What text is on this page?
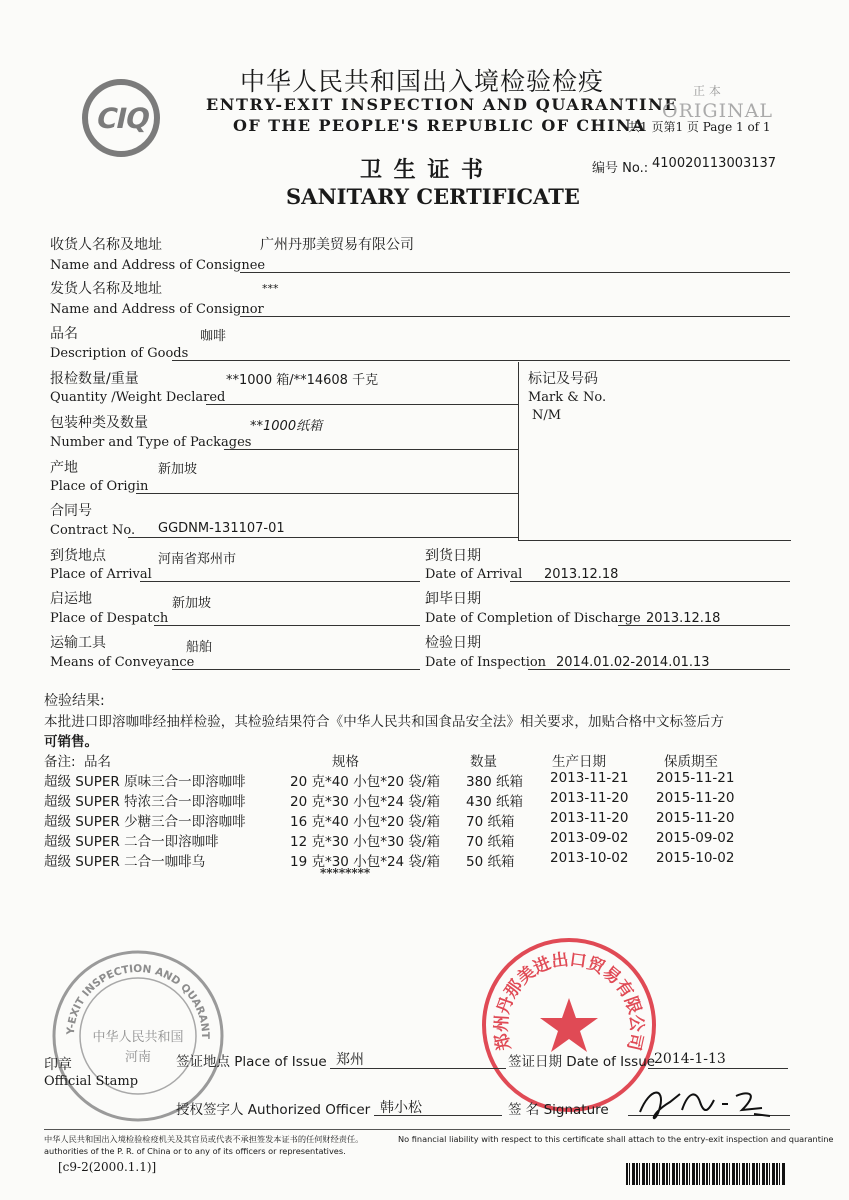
CIQ
中华人民共和国出入境检验检疫
ENTRY-EXIT INSPECTION AND QUARANTINE
OF THE PEOPLE'S REPUBLIC OF CHINA
正 本
ORIGINAL
共1 页第1 页 Page 1 of 1
卫 生 证 书
SANITARY CERTIFICATE
编号 No.: 410020113003137
收货人名称及地址	广州丹那美贸易有限公司
Name and Address of Consignee
发货人名称及地址	***
Name and Address of Consignor
品名	咖啡
Description of Goods
报检数量/重量	**1000 箱/**14608 千克
Quantity /Weight Declared
标记及号码
Mark & No.
N/M
包装种类及数量	**1000纸箱
Number and Type of Packages
产地	新加坡
Place of Origin
合同号
Contract No. GGDNM-131107-01
到货地点	河南省郑州市
Place of Arrival
到货日期
Date of Arrival 2013.12.18
启运地	新加坡
Place of Despatch
卸毕日期
Date of Completion of Discharge 2013.12.18
运输工具	船舶
Means of Conveyance
检验日期
Date of Inspection 2014.01.02-2014.01.13
检验结果:
本批进口即溶咖啡经抽样检验，其检验结果符合《中华人民共和国食品安全法》相关要求，加贴合格中文标签后方
可销售。
备注: 品名	规格	数量	生产日期	保质期至
超级 SUPER 原味三合一即溶咖啡	20 克*40 小包*20 袋/箱 380 纸箱 2013-11-21 2015-11-21
超级 SUPER 特浓三合一即溶咖啡	20 克*30 小包*24 袋/箱 430 纸箱 2013-11-20 2015-11-20
超级 SUPER 少糖三合一即溶咖啡	16 克*40 小包*20 袋/箱 70 纸箱	2013-11-20 2015-11-20
超级 SUPER 二合一即溶咖啡	12 克*30 小包*30 袋/箱 70 纸箱	2013-09-02 2015-09-02
超级 SUPER 二合一咖啡乌	19 克*30 小包*24 袋/箱 50 纸箱	2013-10-02 2015-10-02
********
Y-EXIT INSPECTION AND QUARANT
中华人民共和国 河南
郑州丹那美进出口贸易有限公司
印章
Official Stamp
签证地点 Place of Issue 郑州	签证日期 Date of Issue
2014-1-13
授权签字人 Authorized Officer 韩小松	签 名 Signature
中华人民共和国出入境检验检疫机关及其官员或代表不承担签发本证书的任何财经责任。	No financial liability with respect to this certificate shall attach to the entry-exit inspection and quarantine
authorities of the P. R. of China or to any of its officers or representatives.
[c9-2(2000.1.1)]
